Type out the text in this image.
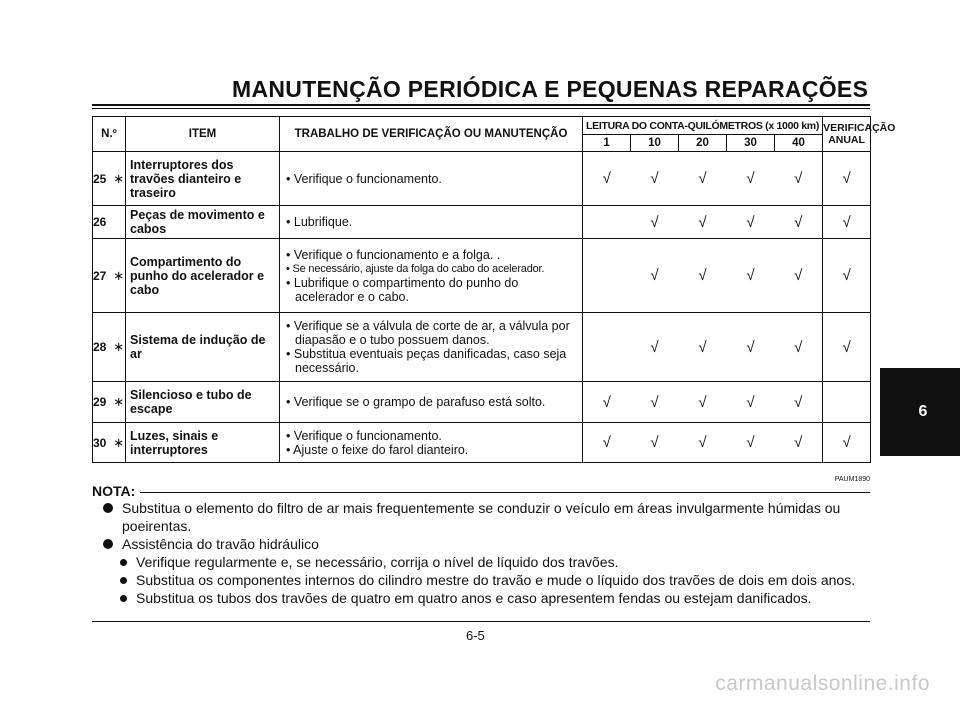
MANUTENÇÃO PERIÓDICA E PEQUENAS REPARAÇÕES
6
N.º		ITEM	TRABALHO DE VERIFICAÇÃO OU MANUTENÇÃO	LEITURA DO CONTA-QUILÓMETROS (x 1000 km)					VERIFICAÇÃO ANUAL
				1	10	20	30	40	
25	∗	Interruptores dos travões dianteiro e traseiro	• Verifique o funcionamento.	√	√	√	√	√	√
26		Peças de movimento e cabos	• Lubrifique.		√	√	√	√	√
27	∗	Compartimento do punho do acelerador e cabo	• Verifique o funcionamento e a folga. .
• Se necessário, ajuste da folga do cabo do acelerador.
• Lubrifique o compartimento do punho do acelerador e o cabo.		√	√	√	√	√
28	∗	Sistema de indução de ar	• Verifique se a válvula de corte de ar, a válvula por diapasão e o tubo possuem danos.
• Substitua eventuais peças danificadas, caso seja necessário.		√	√	√	√	√
29	∗	Silencioso e tubo de escape	• Verifique se o grampo de parafuso está solto.	√	√	√	√	√	
30	∗	Luzes, sinais e interruptores	• Verifique o funcionamento.
• Ajuste o feixe do farol dianteiro.	√	√	√	√	√	√
NOTA:
PAUM1890
Substitua o elemento do filtro de ar mais frequentemente se conduzir o veículo em áreas invulgarmente húmidas ou poeirentas.
Assistência do travão hidráulico
Verifique regularmente e, se necessário, corrija o nível de líquido dos travões.
Substitua os componentes internos do cilindro mestre do travão e mude o líquido dos travões de dois em dois anos.
Substitua os tubos dos travões de quatro em quatro anos e caso apresentem fendas ou estejam danificados.
6-5
carmanualsonline.info
